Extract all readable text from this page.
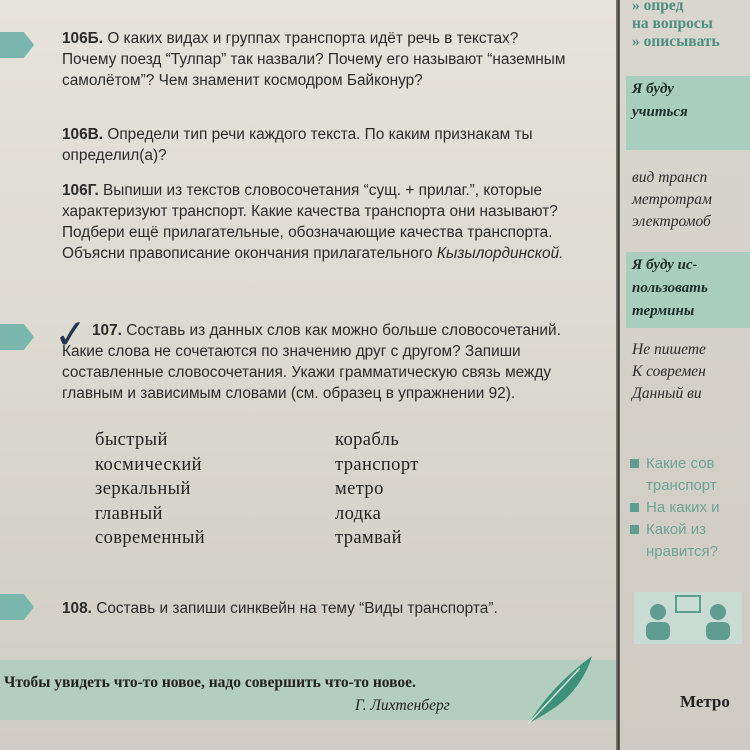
106Б. О каких видах и группах транспорта идёт речь в текстах? Почему поезд “Тулпар” так назвали? Почему его называют “наземным самолётом”? Чем знаменит космодром Байконур?
106В. Определи тип речи каждого текста. По каким признакам ты определил(а)?
106Г. Выпиши из текстов словосочетания “сущ. + прилаг.”, которые характеризуют транспорт. Какие качества транспорта они называют? Подбери ещё прилагательные, обозначающие качества транспорта. Объясни правописание окончания прилагательного Кызылординской.
✓ 107. Составь из данных слов как можно больше словосочетаний. Какие слова не сочетаются по значению друг с другом? Запиши составленные словосочетания. Укажи грамматическую связь между главным и зависимым словами (см. образец в упражнении 92).
быстрый
космический
зеркальный
главный
современный
корабль
транспорт
метро
лодка
трамвай
108. Составь и запиши синквейн на тему “Виды транспорта”.
Чтобы увидеть что-то новое, надо совершить что-то новое.
Г. Лихтенберг
» опред
на вопросы
» описывать
Я буду
учиться
вид трансп
метротрам
электромоб
Я буду ис-
пользовать
термины
Не пишете
К современ
Данный ви
Какие сов
транспорт
На каких и
Какой из
нравится?
Метро
